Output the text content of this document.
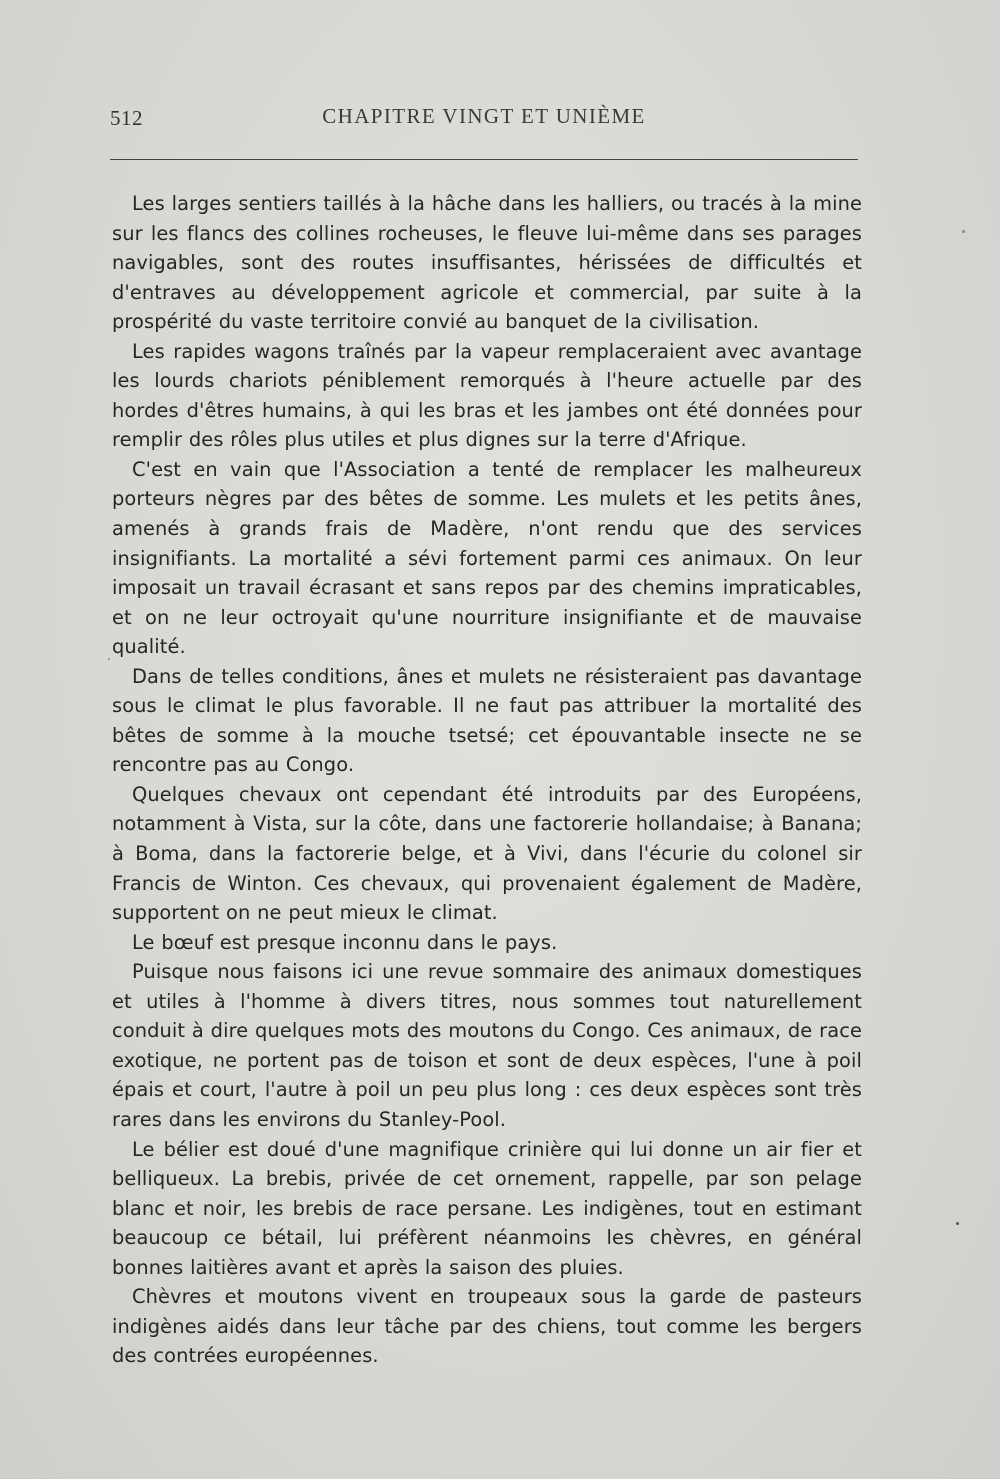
512	CHAPITRE VINGT ET UNIÈME

Les larges sentiers taillés à la hâche dans les halliers, ou tracés à la mine sur les flancs des collines rocheuses, le fleuve lui-même dans ses parages navigables, sont des routes insuffisantes, hérissées de difficultés et d'entraves au développement agricole et commercial, par suite à la prospérité du vaste territoire convié au banquet de la civilisation.

Les rapides wagons traînés par la vapeur remplaceraient avec avantage les lourds chariots péniblement remorqués à l'heure actuelle par des hordes d'êtres humains, à qui les bras et les jambes ont été données pour remplir des rôles plus utiles et plus dignes sur la terre d'Afrique.

C'est en vain que l'Association a tenté de remplacer les malheureux porteurs nègres par des bêtes de somme. Les mulets et les petits ânes, amenés à grands frais de Madère, n'ont rendu que des services insignifiants. La mortalité a sévi fortement parmi ces animaux. On leur imposait un travail écrasant et sans repos par des chemins impraticables, et on ne leur octroyait qu'une nourriture insignifiante et de mauvaise qualité.

Dans de telles conditions, ânes et mulets ne résisteraient pas davantage sous le climat le plus favorable. Il ne faut pas attribuer la mortalité des bêtes de somme à la mouche tsetsé; cet épouvantable insecte ne se rencontre pas au Congo.

Quelques chevaux ont cependant été introduits par des Européens, notamment à Vista, sur la côte, dans une factorerie hollandaise; à Banana; à Boma, dans la factorerie belge, et à Vivi, dans l'écurie du colonel sir Francis de Winton. Ces chevaux, qui provenaient également de Madère, supportent on ne peut mieux le climat.

Le bœuf est presque inconnu dans le pays.

Puisque nous faisons ici une revue sommaire des animaux domestiques et utiles à l'homme à divers titres, nous sommes tout naturellement conduit à dire quelques mots des moutons du Congo. Ces animaux, de race exotique, ne portent pas de toison et sont de deux espèces, l'une à poil épais et court, l'autre à poil un peu plus long : ces deux espèces sont très rares dans les environs du Stanley-Pool.

Le bélier est doué d'une magnifique crinière qui lui donne un air fier et belliqueux. La brebis, privée de cet ornement, rappelle, par son pelage blanc et noir, les brebis de race persane. Les indigènes, tout en estimant beaucoup ce bétail, lui préfèrent néanmoins les chèvres, en général bonnes laitières avant et après la saison des pluies.

Chèvres et moutons vivent en troupeaux sous la garde de pasteurs indigènes aidés dans leur tâche par des chiens, tout comme les bergers des contrées européennes.
